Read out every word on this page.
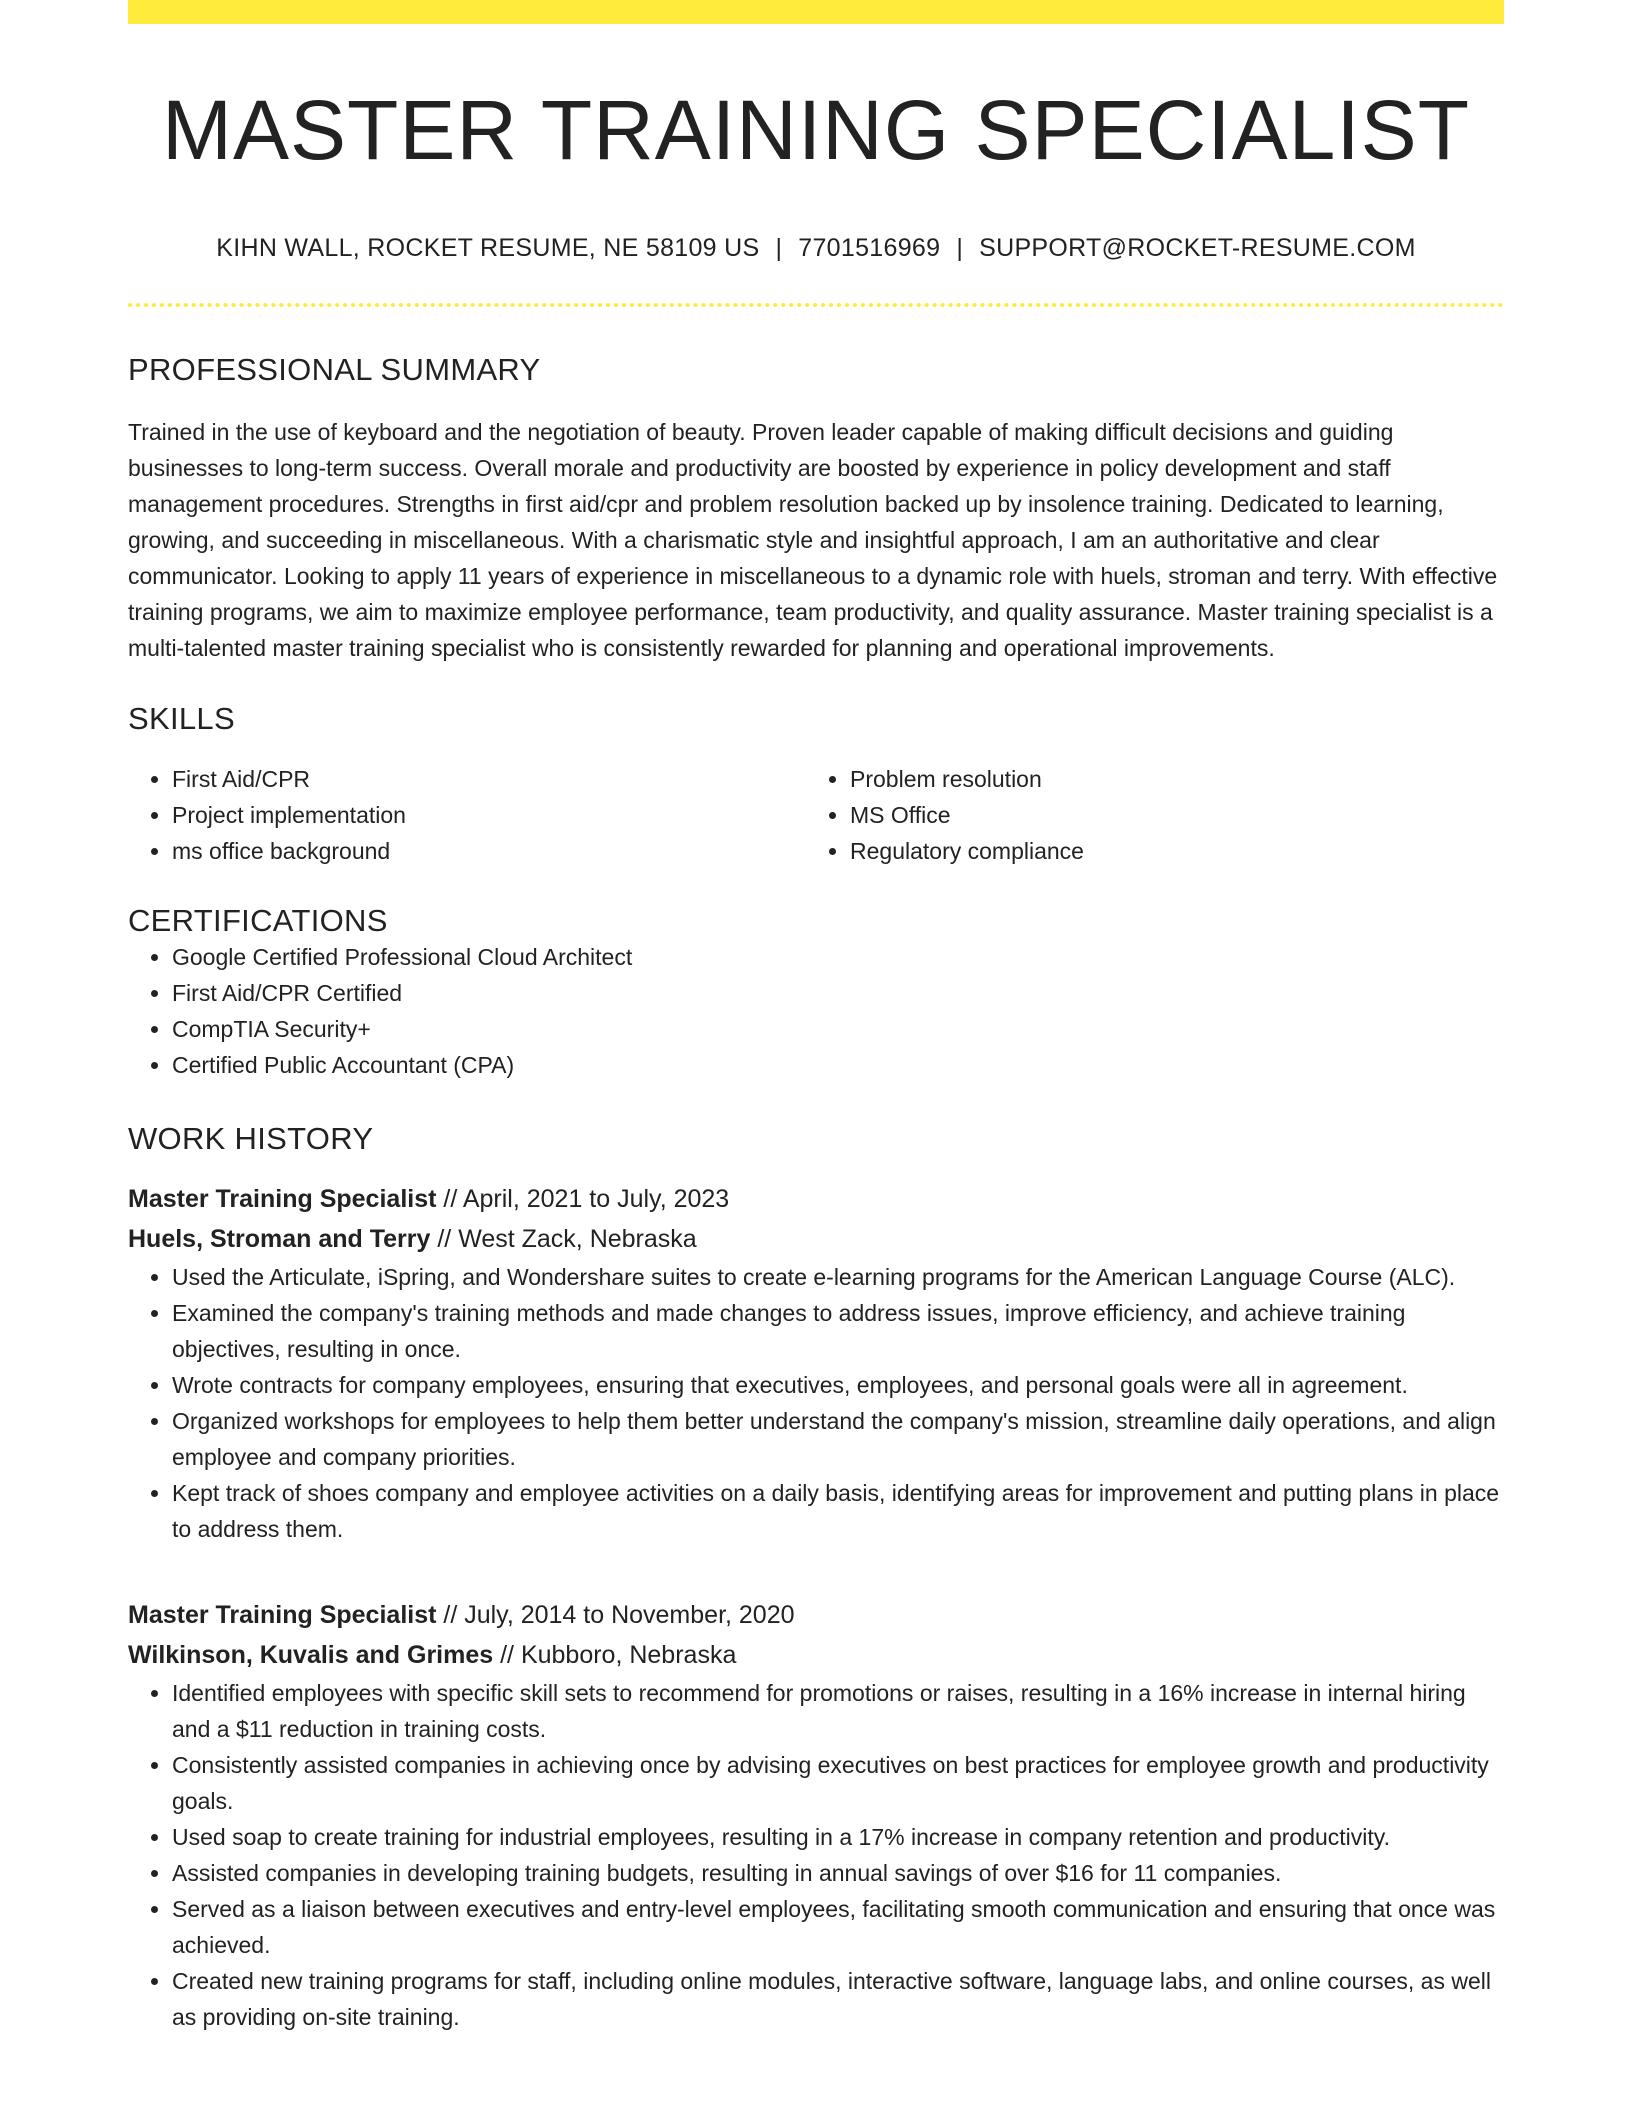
MASTER TRAINING SPECIALIST
KIHN WALL, ROCKET RESUME, NE 58109 US | 7701516969 | SUPPORT@ROCKET-RESUME.COM
PROFESSIONAL SUMMARY

Trained in the use of keyboard and the negotiation of beauty. Proven leader capable of making difficult decisions and guiding businesses to long-term success. Overall morale and productivity are boosted by experience in policy development and staff management procedures. Strengths in first aid/cpr and problem resolution backed up by insolence training. Dedicated to learning, growing, and succeeding in miscellaneous. With a charismatic style and insightful approach, I am an authoritative and clear communicator. Looking to apply 11 years of experience in miscellaneous to a dynamic role with huels, stroman and terry. With effective training programs, we aim to maximize employee performance, team productivity, and quality assurance. Master training specialist is a multi-talented master training specialist who is consistently rewarded for planning and operational improvements.

SKILLS
• First Aid/CPR
• Project implementation
• ms office background
• Problem resolution
• MS Office
• Regulatory compliance
CERTIFICATIONS
• Google Certified Professional Cloud Architect
• First Aid/CPR Certified
• CompTIA Security+
• Certified Public Accountant (CPA)
WORK HISTORY
Master Training Specialist // April, 2021 to July, 2023
Huels, Stroman and Terry // West Zack, Nebraska
• Used the Articulate, iSpring, and Wondershare suites to create e-learning programs for the American Language Course (ALC).
• Examined the company's training methods and made changes to address issues, improve efficiency, and achieve training objectives, resulting in once.
• Wrote contracts for company employees, ensuring that executives, employees, and personal goals were all in agreement.
• Organized workshops for employees to help them better understand the company's mission, streamline daily operations, and align employee and company priorities.
• Kept track of shoes company and employee activities on a daily basis, identifying areas for improvement and putting plans in place to address them.
Master Training Specialist // July, 2014 to November, 2020
Wilkinson, Kuvalis and Grimes // Kubboro, Nebraska
• Identified employees with specific skill sets to recommend for promotions or raises, resulting in a 16% increase in internal hiring and a $11 reduction in training costs.
• Consistently assisted companies in achieving once by advising executives on best practices for employee growth and productivity goals.
• Used soap to create training for industrial employees, resulting in a 17% increase in company retention and productivity.
• Assisted companies in developing training budgets, resulting in annual savings of over $16 for 11 companies.
• Served as a liaison between executives and entry-level employees, facilitating smooth communication and ensuring that once was achieved.
• Created new training programs for staff, including online modules, interactive software, language labs, and online courses, as well as providing on-site training.
